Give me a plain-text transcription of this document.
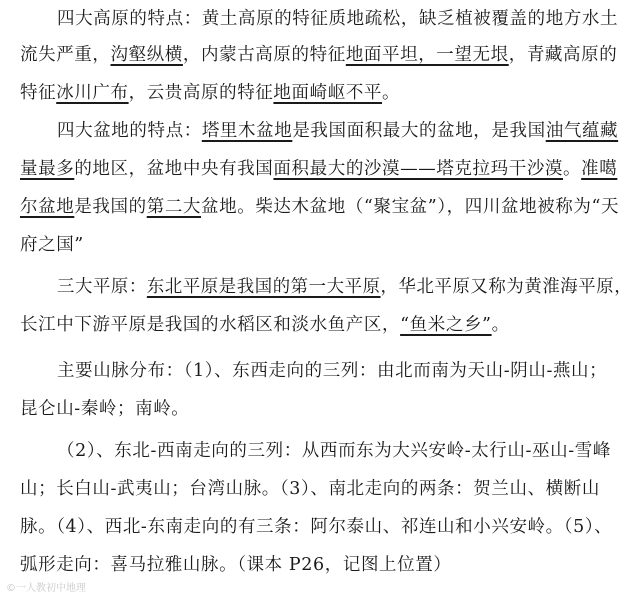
四大高原的特点：黄土高原的特征质地疏松，缺乏植被覆盖的地方水土
流失严重，沟壑纵横，内蒙古高原的特征地面平坦，一望无垠，青藏高原的
特征冰川广布，云贵高原的特征地面崎岖不平。
四大盆地的特点：塔里木盆地是我国面积最大的盆地，是我国油气蕴藏
量最多的地区，盆地中央有我国面积最大的沙漠——塔克拉玛干沙漠。准噶
尔盆地是我国的第二大盆地。柴达木盆地（“聚宝盆”），四川盆地被称为“天
府之国”
三大平原：东北平原是我国的第一大平原，华北平原又称为黄淮海平原，
长江中下游平原是我国的水稻区和淡水鱼产区，“鱼米之乡”。
主要山脉分布：（1）、东西走向的三列：由北而南为天山-阴山-燕山；
昆仑山-秦岭；南岭。
（2）、东北-西南走向的三列：从西而东为大兴安岭-太行山-巫山-雪峰
山；长白山-武夷山；台湾山脉。（3）、南北走向的两条：贺兰山、横断山
脉。（4）、西北-东南走向的有三条：阿尔泰山、祁连山和小兴安岭。（5）、
弧形走向：喜马拉雅山脉。（课本 P26，记图上位置）
©一人教初中地理
